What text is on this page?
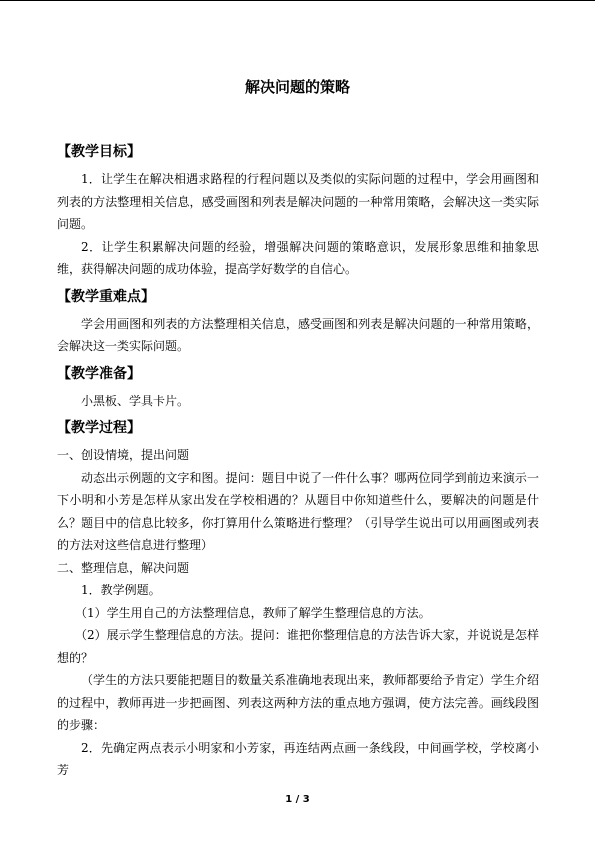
解决问题的策略

【教学目标】

1．让学生在解决相遇求路程的行程问题以及类似的实际问题的过程中，学会用画图和列表的方法整理相关信息，感受画图和列表是解决问题的一种常用策略，会解决这一类实际问题。

2．让学生积累解决问题的经验，增强解决问题的策略意识，发展形象思维和抽象思维，获得解决问题的成功体验，提高学好数学的自信心。

【教学重难点】

学会用画图和列表的方法整理相关信息，感受画图和列表是解决问题的一种常用策略，会解决这一类实际问题。

【教学准备】

小黑板、学具卡片。

【教学过程】

一、创设情境，提出问题

动态出示例题的文字和图。提问：题目中说了一件什么事？哪两位同学到前边来演示一下小明和小芳是怎样从家出发在学校相遇的？从题目中你知道些什么，要解决的问题是什么？题目中的信息比较多，你打算用什么策略进行整理？（引导学生说出可以用画图或列表的方法对这些信息进行整理）

二、整理信息，解决问题

1．教学例题。

（1）学生用自己的方法整理信息，教师了解学生整理信息的方法。

（2）展示学生整理信息的方法。提问：谁把你整理信息的方法告诉大家，并说说是怎样想的？

（学生的方法只要能把题目的数量关系准确地表现出来，教师都要给予肯定）学生介绍的过程中，教师再进一步把画图、列表这两种方法的重点地方强调，使方法完善。画线段图的步骤：

2．先确定两点表示小明家和小芳家，再连结两点画一条线段，中间画学校，学校离小芳

1 / 3
